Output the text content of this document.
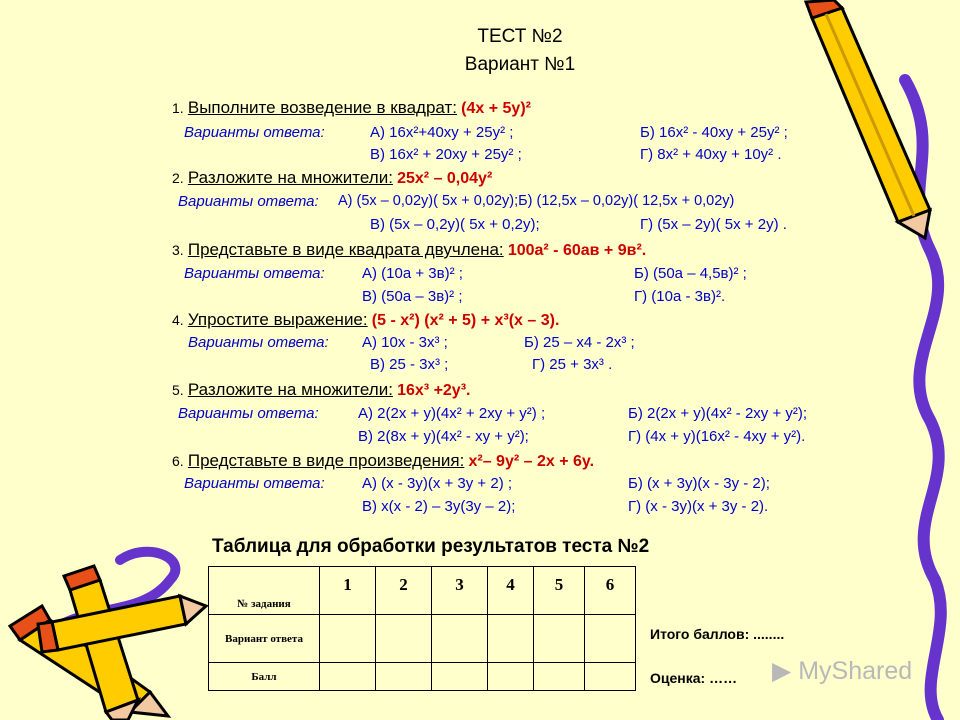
ТЕСТ №2
Вариант №1
1. Выполните возведение в квадрат: (4x + 5y)²
Варианты ответа:	А) 16x²+40xy + 25y² ;	Б) 16x² - 40xy + 25y² ;
В) 16x² + 20xy + 25y² ;	Г) 8x² + 40xy + 10y² .
2. Разложите на множители: 25x² – 0,04y²
Варианты ответа: А) (5x – 0,02y)( 5x + 0,02y);Б) (12,5x – 0,02y)( 12,5x + 0,02y)
В) (5x – 0,2y)( 5x + 0,2y);	Г) (5x – 2y)( 5x + 2y) .
3. Представьте в виде квадрата двучлена: 100a² - 60aв + 9в².
Варианты ответа: А) (10a + 3в)² ;	Б) (50a – 4,5в)² ;
В) (50a – 3в)² ;	Г) (10a - 3в)².
4. Упростите выражение: (5 - x²) (x² + 5) + x³(x – 3).
Варианты ответа: А) 10x - 3x³ ;	Б) 25 – x4 - 2x³ ;
В) 25 - 3x³ ;	Г) 25 + 3x³ .
5. Разложите на множители: 16x³ +2y³.
Варианты ответа:	А) 2(2x + y)(4x² + 2xy + y²) ;	Б) 2(2x + y)(4x² - 2xy + y²);
В) 2(8x + y)(4x² - xy + y²);	Г) (4x + y)(16x² - 4xy + y²).
6. Представьте в виде произведения: x²– 9y² – 2x + 6y.
Варианты ответа: А) (x - 3y)(x + 3y + 2) ;	Б) (x + 3y)(x - 3y - 2);
В) x(x - 2) – 3y(3y – 2);	Г) (x - 3y)(x + 3y - 2).
Таблица для обработки результатов теста №2
№ задания	1	2	3	4	5	6
Вариант ответа						
Балл						
Итого баллов: ........
Оценка: …… ▶ MyShared
